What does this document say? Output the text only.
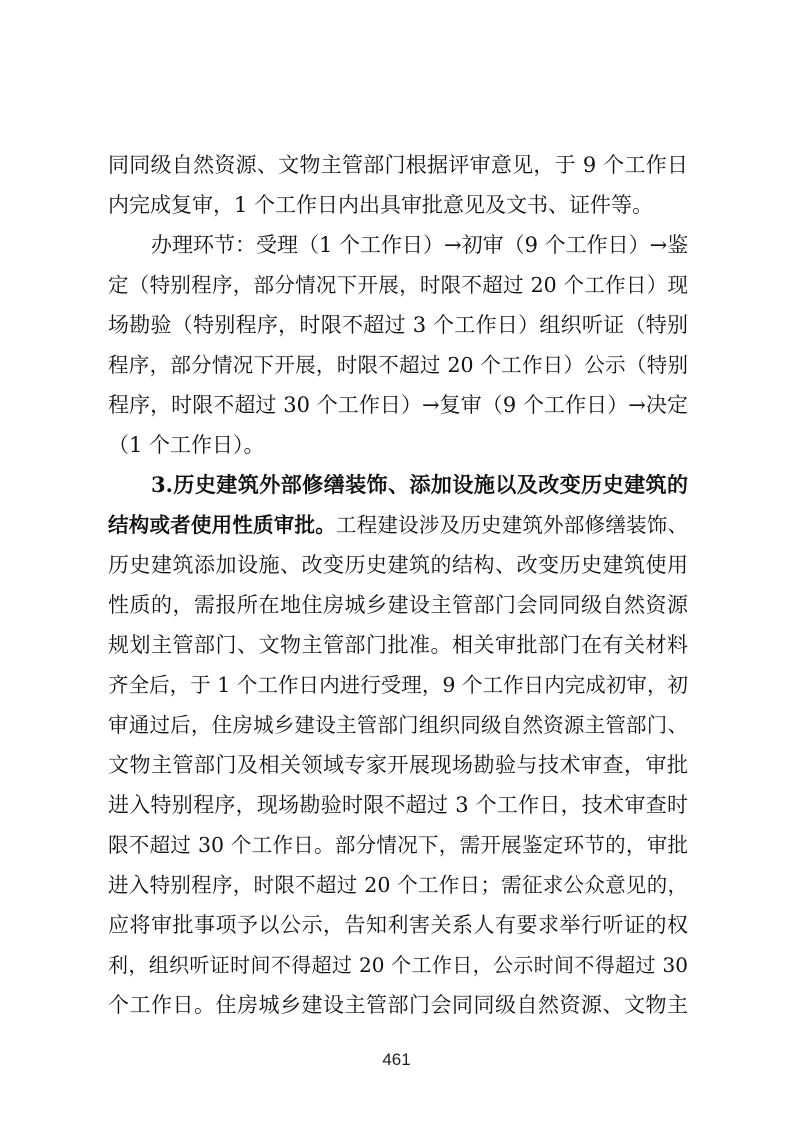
同同级自然资源、文物主管部门根据评审意见，于 9 个工作日
内完成复审，1 个工作日内出具审批意见及文书、证件等。
办理环节：受理（1 个工作日）→初审（9 个工作日）→鉴
定（特别程序，部分情况下开展，时限不超过 20 个工作日）现
场勘验（特别程序，时限不超过 3 个工作日）组织听证（特别
程序，部分情况下开展，时限不超过 20 个工作日）公示（特别
程序，时限不超过 30 个工作日）→复审（9 个工作日）→决定
（1 个工作日）。
3.历史建筑外部修缮装饰、添加设施以及改变历史建筑的
结构或者使用性质审批。工程建设涉及历史建筑外部修缮装饰、
历史建筑添加设施、改变历史建筑的结构、改变历史建筑使用
性质的，需报所在地住房城乡建设主管部门会同同级自然资源
规划主管部门、文物主管部门批准。相关审批部门在有关材料
齐全后，于 1 个工作日内进行受理，9 个工作日内完成初审，初
审通过后，住房城乡建设主管部门组织同级自然资源主管部门、
文物主管部门及相关领域专家开展现场勘验与技术审查，审批
进入特别程序，现场勘验时限不超过 3 个工作日，技术审查时
限不超过 30 个工作日。部分情况下，需开展鉴定环节的，审批
进入特别程序，时限不超过 20 个工作日；需征求公众意见的，
应将审批事项予以公示，告知利害关系人有要求举行听证的权
利，组织听证时间不得超过 20 个工作日，公示时间不得超过 30
个工作日。住房城乡建设主管部门会同同级自然资源、文物主
461
